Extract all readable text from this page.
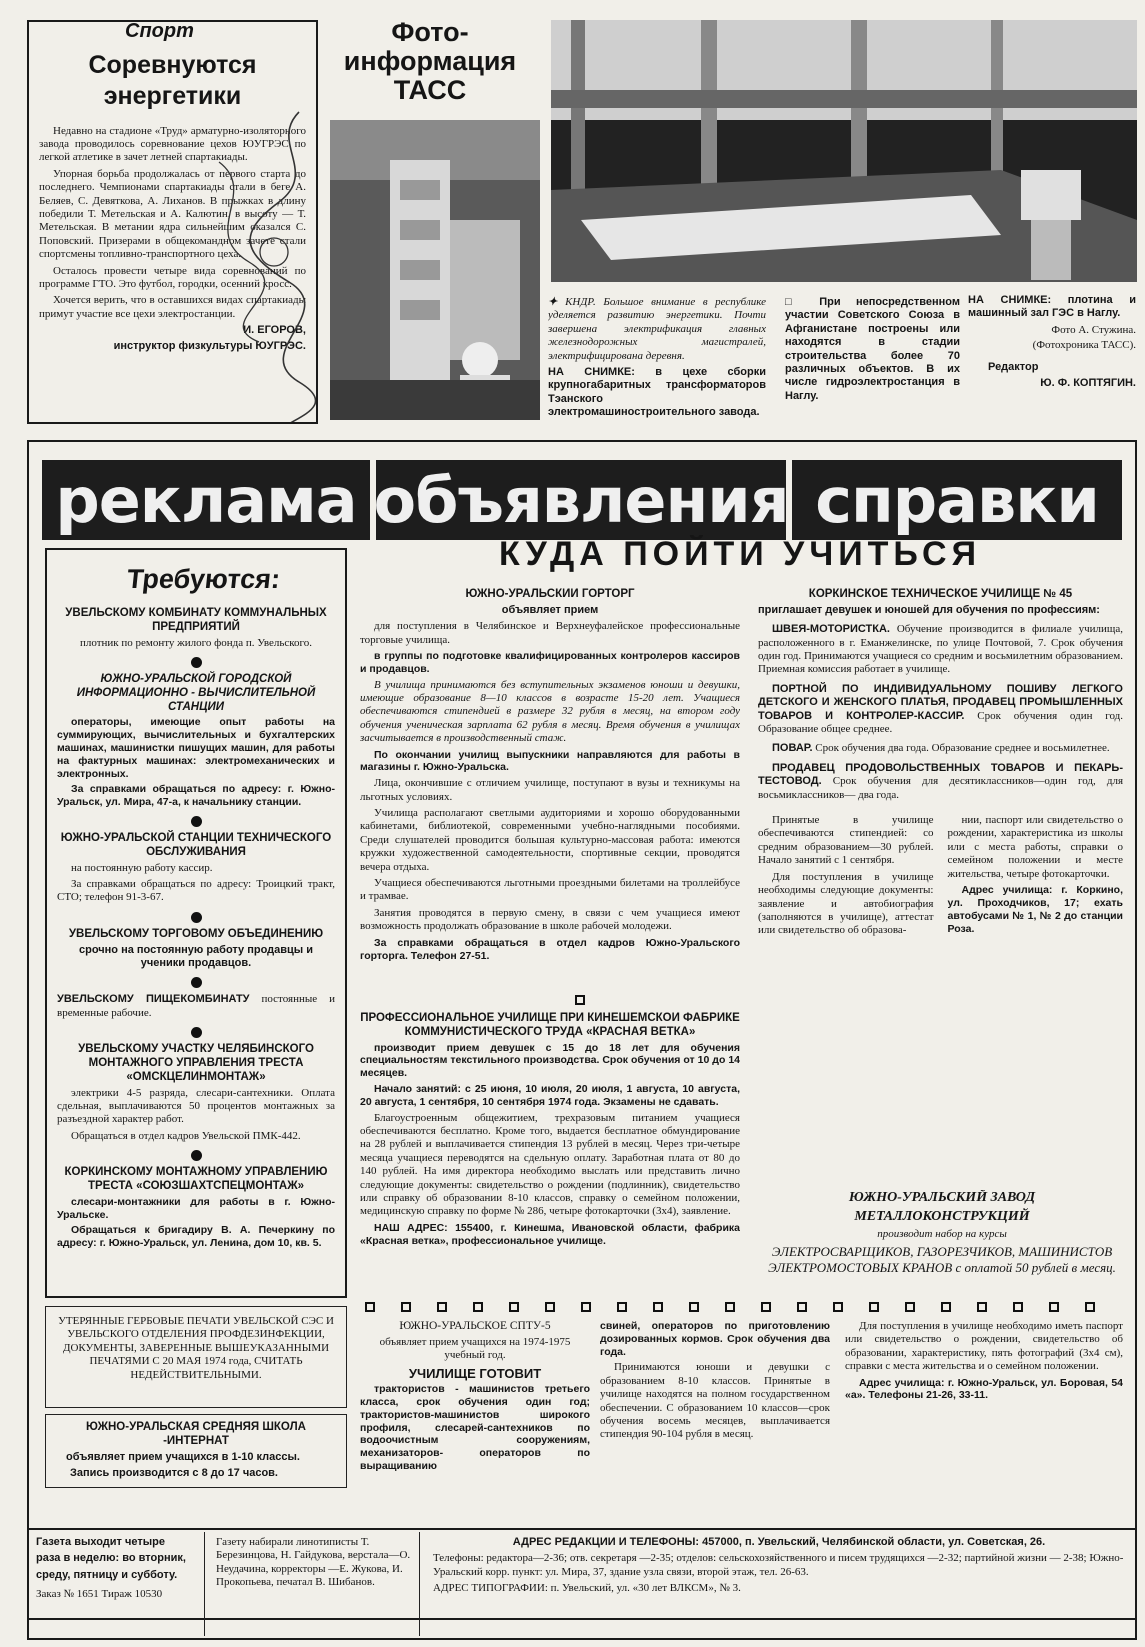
Спорт
Соревнуются
энергетики

Недавно на стадионе «Труд» арматурно-изоляторного завода проводилось соревнование цехов ЮУГРЭС по легкой атлетике в зачет летней спартакиады.

Упорная борьба продолжалась от первого старта до последнего. Чемпионами спартакиады стали в беге А. Беляев, С. Девяткова, А. Лиханов. В прыжках в длину победили Т. Метельская и А. Калютин, в высоту — Т. Метельская. В метании ядра сильнейшим оказался С. Поповский. Призерами в общекомандном зачете стали спортсмены топливно-транспортного цеха.

Осталось провести четыре вида соревнований по программе ГТО. Это футбол, городки, осенний кросс.

Хочется верить, что в оставшихся видах спартакиады примут участие все цехи электростанции.

И. ЕГОРОВ,

инструктор физкультуры ЮУГРЭС.

Фото-
информация
ТАСС

✦ КНДР. Большое внимание в республике уделяется развитию энергетики. Почти завершена электрификация главных железнодорожных магистралей, электрифицирована деревня.

НА СНИМКЕ: в цехе сборки крупногабаритных трансформаторов Тэанского электромашиностроительного завода.

□ При непосредственном участии Советского Союза в Афганистане построены или находятся в стадии строительства более 70 различных объектов. В их числе гидроэлектростанция в Наглу.

НА СНИМКЕ: плотина и машинный зал ГЭС в Наглу.

Фото А. Стужина.

(Фотохроника ТАСС).

Редактор

Ю. Ф. КОПТЯГИН.

реклама объявления справки
Требуются:

УВЕЛЬСКОМУ КОМБИНАТУ КОММУНАЛЬНЫХ ПРЕДПРИЯТИЙ

плотник по ремонту жилого фонда п. Увельского.

ЮЖНО-УРАЛЬСКОЙ ГОРОДСКОЙ ИНФОРМАЦИОННО - ВЫЧИСЛИТЕЛЬНОЙ СТАНЦИИ

операторы, имеющие опыт работы на суммирующих, вычислительных и бухгалтерских машинах, машинистки пишущих машин, для работы на фактурных машинах: электромеханических и электронных.

За справками обращаться по адресу: г. Южно-Уральск, ул. Мира, 47-а, к начальнику станции.

ЮЖНО-УРАЛЬСКОЙ СТАНЦИИ ТЕХНИЧЕСКОГО ОБСЛУЖИВАНИЯ

на постоянную работу кассир.

За справками обращаться по адресу: Троицкий тракт, СТО; телефон 91-3-67.

УВЕЛЬСКОМУ ТОРГОВОМУ ОБЪЕДИНЕНИЮ

срочно на постоянную работу продавцы и ученики продавцов.

УВЕЛЬСКОМУ ПИЩЕКОМБИНАТУ постоянные и временные рабочие.

УВЕЛЬСКОМУ УЧАСТКУ ЧЕЛЯБИНСКОГО МОНТАЖНОГО УПРАВЛЕНИЯ ТРЕСТА «ОМСКЦЕЛИНМОНТАЖ»

электрики 4-5 разряда, слесари-сантехники. Оплата сдельная, выплачиваются 50 процентов монтажных за разъездной характер работ.

Обращаться в отдел кадров Увельской ПМК-442.

КОРКИНСКОМУ МОНТАЖНОМУ УПРАВЛЕНИЮ ТРЕСТА «СОЮЗШАХТСПЕЦМОНТАЖ»

слесари-монтажники для работы в г. Южно-Уральске.

Обращаться к бригадиру В. А. Печеркину по адресу: г. Южно-Уральск, ул. Ленина, дом 10, кв. 5.

УТЕРЯННЫЕ ГЕРБОВЫЕ ПЕЧАТИ УВЕЛЬСКОЙ СЭС И УВЕЛЬСКОГО ОТДЕЛЕНИЯ ПРОФДЕЗИНФЕКЦИИ, ДОКУМЕНТЫ, ЗАВЕРЕННЫЕ ВЫШЕУКАЗАННЫМИ ПЕЧАТЯМИ С 20 МАЯ 1974 года, СЧИТАТЬ НЕДЕЙСТВИТЕЛЬНЫМИ.

ЮЖНО-УРАЛЬСКАЯ СРЕДНЯЯ ШКОЛА -ИНТЕРНАТ

объявляет прием учащихся в 1-10 классы.

Запись производится с 8 до 17 часов.

КУДА ПОЙТИ УЧИТЬСЯ

ЮЖНО-УРАЛЬСКИЙ ГОРТОРГ

объявляет прием

для поступления в Челябинское и Верхнеуфалейское профессиональные торговые училища.

в группы по подготовке квалифицированных контролеров кассиров и продавцов.

В училища принимаются без вступительных экзаменов юноши и девушки, имеющие образование 8—10 классов в возрасте 15-20 лет. Учащиеся обеспечиваются стипендией в размере 32 рубля в месяц, на втором году обучения ученическая зарплата 62 рубля в месяц. Время обучения в училищах засчитывается в производственный стаж.

По окончании училищ выпускники направляются для работы в магазины г. Южно-Уральска.

Лица, окончившие с отличием училище, поступают в вузы и техникумы на льготных условиях.

Училища располагают светлыми аудиториями и хорошо оборудованными кабинетами, библиотекой, современными учебно-наглядными пособиями. Среди слушателей проводится большая культурно-массовая работа: имеются кружки художественной самодеятельности, спортивные секции, проводятся вечера отдыха.

Учащиеся обеспечиваются льготными проездными билетами на троллейбусе и трамвае.

Занятия проводятся в первую смену, в связи с чем учащиеся имеют возможность продолжать образование в школе рабочей молодежи.

За справками обращаться в отдел кадров Южно-Уральского горторга. Телефон 27-51.

ПРОФЕССИОНАЛЬНОЕ УЧИЛИЩЕ ПРИ КИНЕШЕМСКОЙ ФАБРИКЕ КОММУНИСТИЧЕСКОГО ТРУДА «КРАСНАЯ ВЕТКА»

производит прием девушек с 15 до 18 лет для обучения специальностям текстильного производства. Срок обучения от 10 до 14 месяцев.

Начало занятий: с 25 июня, 10 июля, 20 июля, 1 августа, 10 августа, 20 августа, 1 сентября, 10 сентября 1974 года. Экзамены не сдавать.

Благоустроенным общежитием, трехразовым питанием учащиеся обеспечиваются бесплатно. Кроме того, выдается бесплатное обмундирование на 28 рублей и выплачивается стипендия 13 рублей в месяц. Через три-четыре месяца учащиеся переводятся на сдельную оплату. Заработная плата от 80 до 140 рублей. На имя директора необходимо выслать или представить лично следующие документы: свидетельство о рождении (подлинник), свидетельство или справку об образовании 8-10 классов, справку о семейном положении, медицинскую справку по форме № 286, четыре фотокарточки (3х4), заявление.

НАШ АДРЕС: 155400, г. Кинешма, Ивановской области, фабрика «Красная ветка», профессиональное училище.

КОРКИНСКОЕ ТЕХНИЧЕСКОЕ УЧИЛИЩЕ № 45

приглашает девушек и юношей для обучения по профессиям:

ШВЕЯ-МОТОРИСТКА. Обучение производится в филиале училища, расположенного в г. Еманжелинске, по улице Почтовой, 7. Срок обучения один год. Принимаются учащиеся со средним и восьмилетним образованием. Приемная комиссия работает в училище.

ПОРТНОЙ ПО ИНДИВИДУАЛЬНОМУ ПОШИВУ ЛЕГКОГО ДЕТСКОГО И ЖЕНСКОГО ПЛАТЬЯ, ПРОДАВЕЦ ПРОМЫШЛЕННЫХ ТОВАРОВ И КОНТРОЛЕР-КАССИР. Срок обучения один год. Образование общее среднее.

ПОВАР. Срок обучения два года. Образование среднее и восьмилетнее.

ПРОДАВЕЦ ПРОДОВОЛЬСТВЕННЫХ ТОВАРОВ И ПЕКАРЬ-ТЕСТОВОД. Срок обучения для десятиклассников—один год, для восьмиклассников— два года.

Принятые в училище обеспечиваются стипендией: со средним образованием—30 рублей. Начало занятий с 1 сентября.

Для поступления в училище необходимы следующие документы: заявление и автобиография (заполняются в училище), аттестат или свидетельство об образова-

нии, паспорт или свидетельство о рождении, характеристика из школы или с места работы, справки о семейном положении и месте жительства, четыре фотокарточки.

Адрес училища: г. Коркино, ул. Проходчиков, 17; ехать автобусами № 1, № 2 до станции Роза.

ЮЖНО-УРАЛЬСКИЙ ЗАВОД

МЕТАЛЛОКОНСТРУКЦИЙ

производит набор на курсы

ЭЛЕКТРОСВАРЩИКОВ, ГАЗОРЕЗЧИКОВ, МАШИНИСТОВ ЭЛЕКТРОМОСТОВЫХ КРАНОВ с оплатой 50 рублей в месяц.

ЮЖНО-УРАЛЬСКОЕ СПТУ-5

объявляет прием учащихся на 1974-1975 учебный год.

УЧИЛИЩЕ ГОТОВИТ

трактористов - машинистов третьего класса, срок обучения один год; трактористов-машинистов широкого профиля, слесарей-сантехников по водоочистным сооружениям, механизаторов- операторов по выращиванию

свиней, операторов по приготовлению дозированных кормов. Срок обучения два года.

Принимаются юноши и девушки с образованием 8-10 классов. Принятые в училище находятся на полном государственном обеспечении. С образованием 10 классов—срок обучения восемь месяцев, выплачивается стипендия 90-104 рубля в месяц.

Для поступления в училище необходимо иметь паспорт или свидетельство о рождении, свидетельство об образовании, характеристику, пять фотографий (3х4 см), справки с места жительства и о семейном положении.

Адрес училища: г. Южно-Уральск, ул. Боровая, 54 «а». Телефоны 21-26, 33-11.

Газета выходит четыре

раза в неделю: во вторник,

среду, пятницу и субботу.

Заказ № 1651 Тираж 10530

Газету набирали линотиписты Т. Березинцова, Н. Гайдукова, верстала—О. Неудачина, корректоры —Е. Жукова, И. Прокопьева, печатал В. Шибанов.

АДРЕС РЕДАКЦИИ И ТЕЛЕФОНЫ: 457000, п. Увельский, Челябинской области, ул. Советская, 26.

Телефоны: редактора—2-36; отв. секретаря —2-35; отделов: сельскохозяйственного и писем трудящихся —2-32; партийной жизни — 2-38; Южно-Уральский корр. пункт: ул. Мира, 37, здание узла связи, второй этаж, тел. 26-63.

АДРЕС ТИПОГРАФИИ: п. Увельский, ул. «30 лет ВЛКСМ», № 3.
